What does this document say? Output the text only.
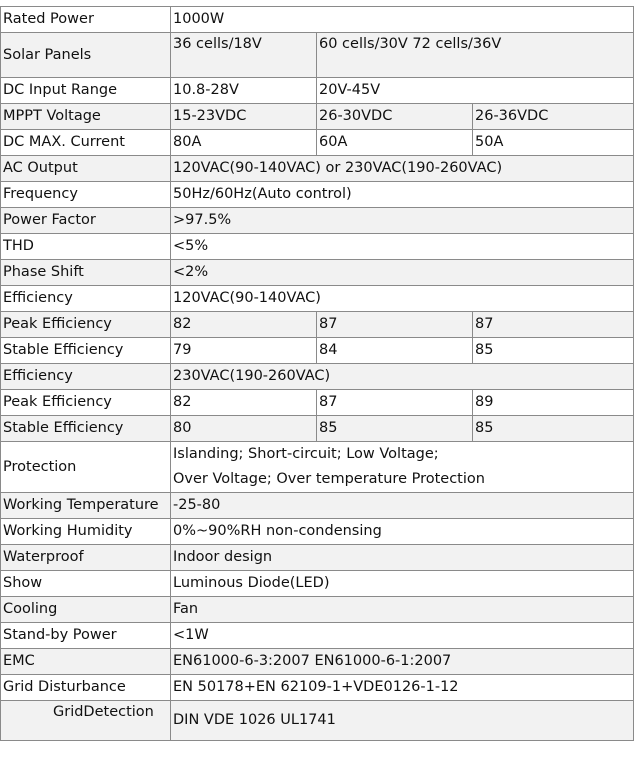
Rated Power	1000W		
Solar Panels	36 cells/18V	60 cells/30V 72 cells/36V	
DC Input Range	10.8-28V	20V-45V	
MPPT Voltage	15-23VDC	26-30VDC	26-36VDC
DC MAX. Current	80A	60A	50A
AC Output	120VAC(90-140VAC) or 230VAC(190-260VAC)		
Frequency	50Hz/60Hz(Auto control)		
Power Factor	>97.5%		
THD	<5%		
Phase Shift	<2%		
Efficiency	120VAC(90-140VAC)		
Peak Efficiency	82	87	87
Stable Efficiency	79	84	85
Efficiency	230VAC(190-260VAC)		
Peak Efficiency	82	87	89
Stable Efficiency	80	85	85
Protection	Islanding; Short-circuit; Low Voltage;
Over Voltage; Over temperature Protection		

Working Temperature	-25-80		
Working Humidity	0%~90%RH non-condensing		
Waterproof	Indoor design		
Show	Luminous Diode(LED)		
Cooling	Fan		
Stand-by Power	<1W		
EMC	EN61000-6-3:2007 EN61000-6-1:2007		
Grid Disturbance	EN 50178+EN 62109-1+VDE0126-1-12		
GridDetection	DIN VDE 1026 UL1741		
